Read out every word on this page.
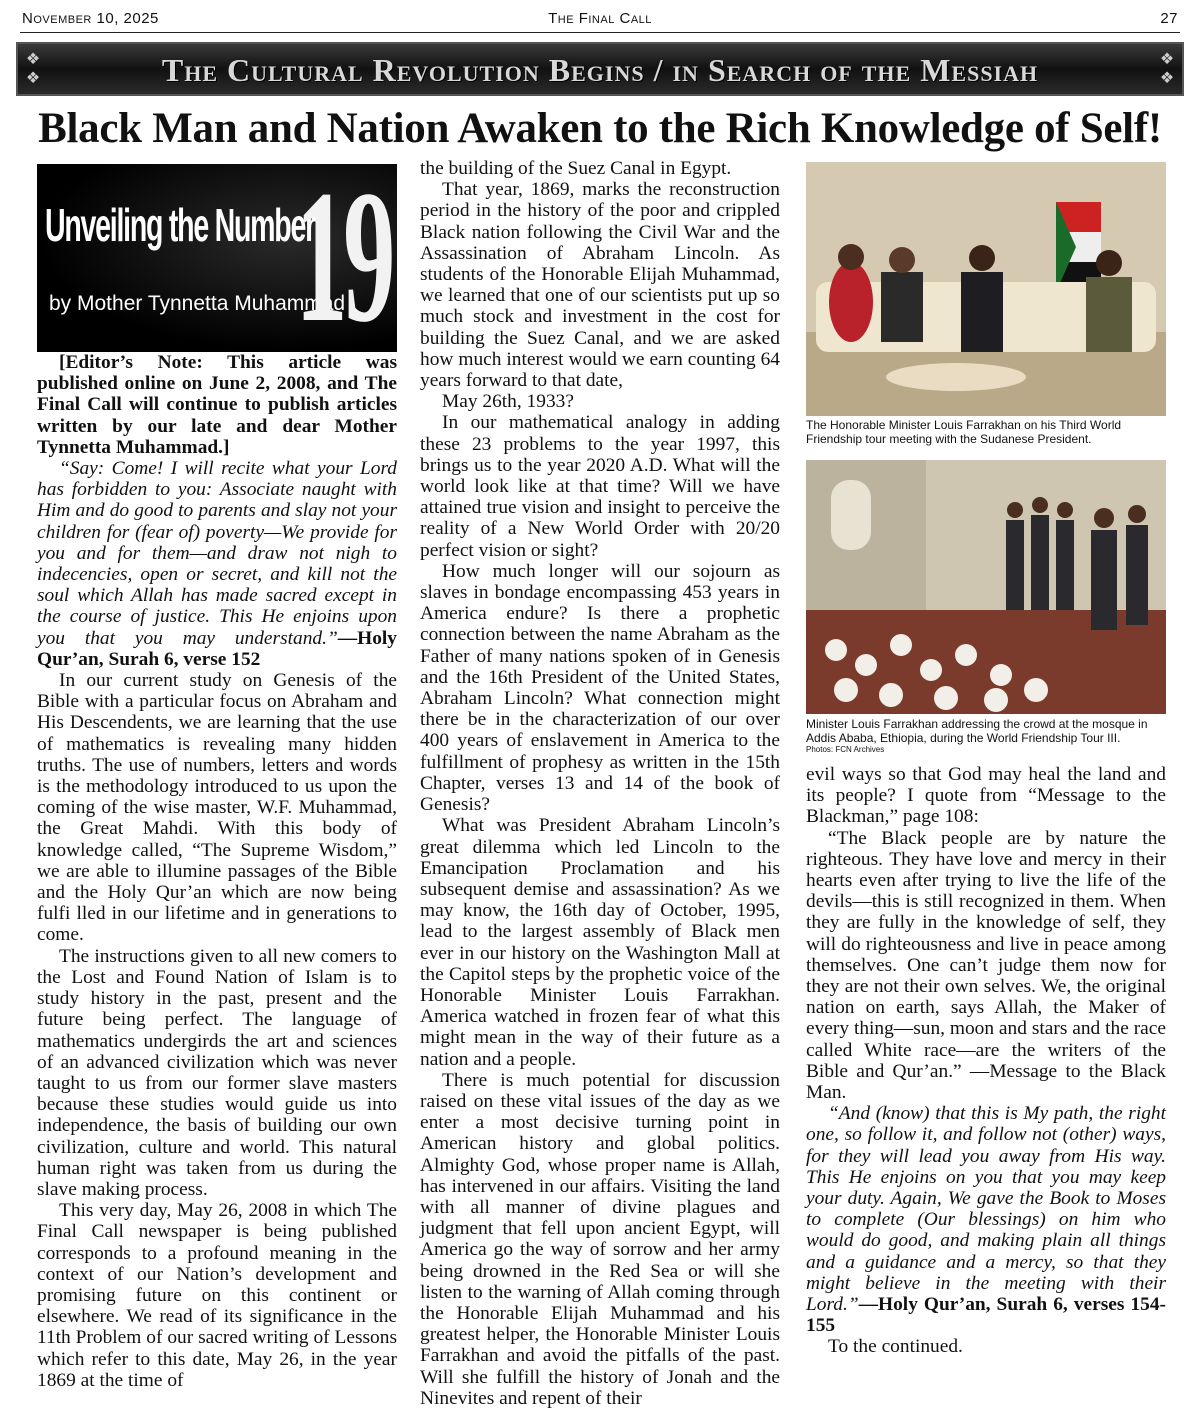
November 10, 2025	The Final Call	27
❖
❖	The Cultural Revolution Begins / in Search of the Messiah	❖
❖
Black Man and Nation Awaken to the Rich Knowledge of Self!
Unveiling the Number
by Mother Tynnetta Muhammad
19

[Editor’s Note: This article was published online on June 2, 2008, and The Final Call will continue to publish articles written by our late and dear Mother Tynnetta Muhammad.]

“Say: Come! I will recite what your Lord has forbidden to you: Associate naught with Him and do good to parents and slay not your children for (fear of) poverty—We provide for you and for them—and draw not nigh to indecencies, open or secret, and kill not the soul which Allah has made sacred except in the course of justice. This He enjoins upon you that you may understand.”—Holy Qur’an, Surah 6, verse 152

In our current study on Genesis of the Bible with a particular focus on Abraham and His Descendents, we are learning that the use of mathematics is revealing many hidden truths. The use of numbers, letters and words is the methodology introduced to us upon the coming of the wise master, W.F. Muhammad, the Great Mahdi. With this body of knowledge called, “The Supreme Wisdom,” we are able to illumine passages of the Bible and the Holy Qur’an which are now being fulfi lled in our lifetime and in generations to come.

The instructions given to all new comers to the Lost and Found Nation of Islam is to study history in the past, present and the future being perfect. The language of mathematics undergirds the art and sciences of an advanced civilization which was never taught to us from our former slave masters because these studies would guide us into independence, the basis of building our own civilization, culture and world. This natural human right was taken from us during the slave making process.

This very day, May 26, 2008 in which The Final Call newspaper is being published corresponds to a profound meaning in the context of our Nation’s development and promising future on this continent or elsewhere. We read of its significance in the 11th Problem of our sacred writing of Lessons which refer to this date, May 26, in the year 1869 at the time of

the building of the Suez Canal in Egypt.

That year, 1869, marks the reconstruction period in the history of the poor and crippled Black nation following the Civil War and the Assassination of Abraham Lincoln. As students of the Honorable Elijah Muhammad, we learned that one of our scientists put up so much stock and investment in the cost for building the Suez Canal, and we are asked how much interest would we earn counting 64 years forward to that date,

May 26th, 1933?

In our mathematical analogy in adding these 23 problems to the year 1997, this brings us to the year 2020 A.D. What will the world look like at that time? Will we have attained true vision and insight to perceive the reality of a New World Order with 20/20 perfect vision or sight?

How much longer will our sojourn as slaves in bondage encompassing 453 years in America endure? Is there a prophetic connection between the name Abraham as the Father of many nations spoken of in Genesis and the 16th President of the United States, Abraham Lincoln? What connection might there be in the characterization of our over 400 years of enslavement in America to the fulfillment of prophesy as written in the 15th Chapter, verses 13 and 14 of the book of Genesis?

What was President Abraham Lincoln’s great dilemma which led Lincoln to the Emancipation Proclamation and his subsequent demise and assassination? As we may know, the 16th day of October, 1995, lead to the largest assembly of Black men ever in our history on the Washington Mall at the Capitol steps by the prophetic voice of the Honorable Minister Louis Farrakhan. America watched in frozen fear of what this might mean in the way of their future as a nation and a people.

There is much potential for discussion raised on these vital issues of the day as we enter a most decisive turning point in American history and global politics. Almighty God, whose proper name is Allah, has intervened in our affairs. Visiting the land with all manner of divine plagues and judgment that fell upon ancient Egypt, will America go the way of sorrow and her army being drowned in the Red Sea or will she listen to the warning of Allah coming through the Honorable Elijah Muhammad and his greatest helper, the Honorable Minister Louis Farrakhan and avoid the pitfalls of the past. Will she fulfill the history of Jonah and the Ninevites and repent of their

The Honorable Minister Louis Farrakhan on his Third World Friendship tour meeting with the Sudanese President.
Minister Louis Farrakhan addressing the crowd at the mosque in Addis Ababa, Ethiopia, during the World Friendship Tour III.
Photos: FCN Archives

evil ways so that God may heal the land and its people? I quote from “Message to the Blackman,” page 108:

“The Black people are by nature the righteous. They have love and mercy in their hearts even after trying to live the life of the devils—this is still recognized in them. When they are fully in the knowledge of self, they will do righteousness and live in peace among themselves. One can’t judge them now for they are not their own selves. We, the original nation on earth, says Allah, the Maker of every thing—sun, moon and stars and the race called White race—are the writers of the Bible and Qur’an.” —Message to the Black Man.

“And (know) that this is My path, the right one, so follow it, and follow not (other) ways, for they will lead you away from His way. This He enjoins on you that you may keep your duty. Again, We gave the Book to Moses to complete (Our blessings) on him who would do good, and making plain all things and a guidance and a mercy, so that they might believe in the meeting with their Lord.”—Holy Qur’an, Surah 6, verses 154-155

To the continued.
